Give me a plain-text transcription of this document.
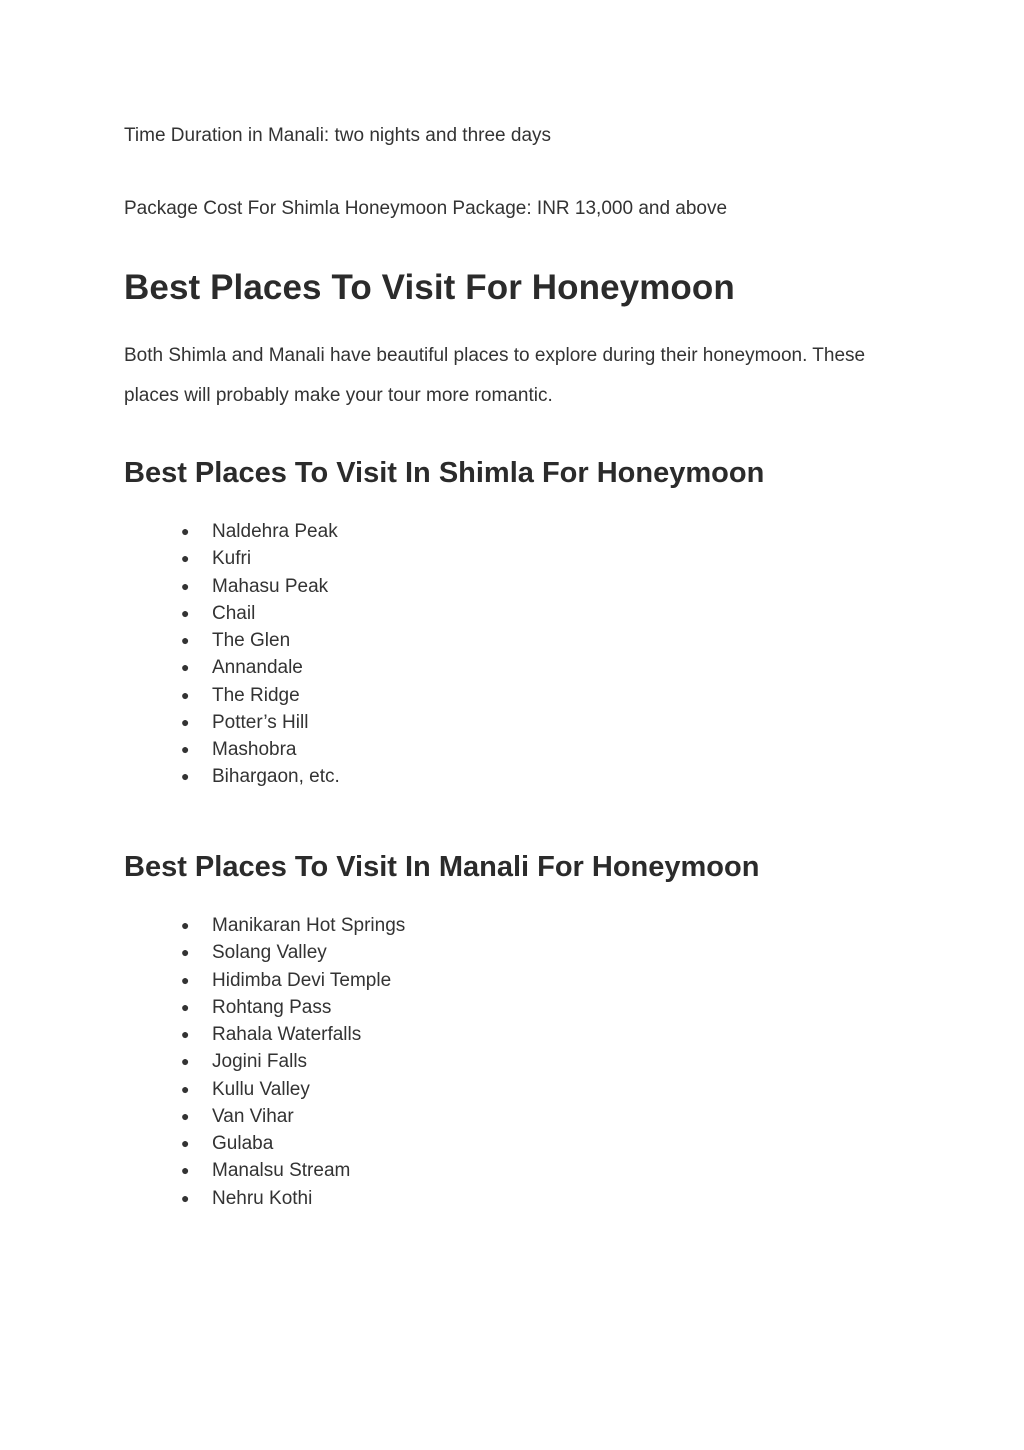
Time Duration in Manali: two nights and three days

Package Cost For Shimla Honeymoon Package: INR 13,000 and above

Best Places To Visit For Honeymoon

Both Shimla and Manali have beautiful places to explore during their honeymoon. These places will probably make your tour more romantic.

Best Places To Visit In Shimla For Honeymoon
● Naldehra Peak
● Kufri
● Mahasu Peak
● Chail
● The Glen
● Annandale
● The Ridge
● Potter’s Hill
● Mashobra
● Bihargaon, etc.
Best Places To Visit In Manali For Honeymoon
● Manikaran Hot Springs
● Solang Valley
● Hidimba Devi Temple
● Rohtang Pass
● Rahala Waterfalls
● Jogini Falls
● Kullu Valley
● Van Vihar
● Gulaba
● Manalsu Stream
● Nehru Kothi
